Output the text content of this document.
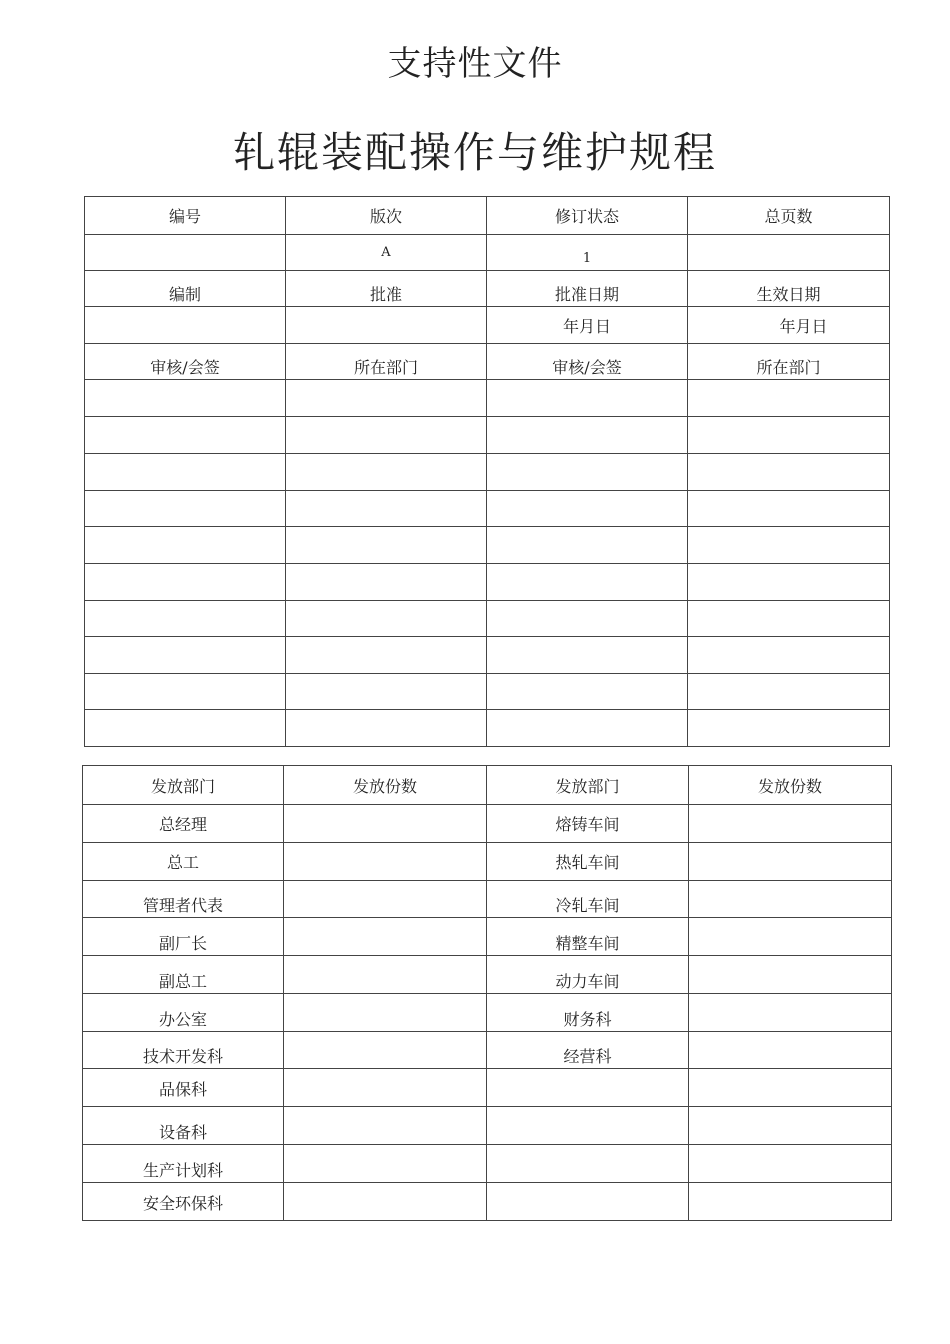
支持性文件
轧辊装配操作与维护规程
编号	版次	修订状态	总页数
	A	1	
编制	批准	批准日期	生效日期
		年月日	年月日
审核/会签	所在部门	审核/会签	所在部门

发放部门	发放份数	发放部门	发放份数
总经理		熔铸车间	
总工		热轧车间	
管理者代表		冷轧车间	
副厂长		精整车间	
副总工		动力车间	
办公室		财务科	
技术开发科		经营科	
品保科			
设备科			
生产计划科			
安全环保科			
